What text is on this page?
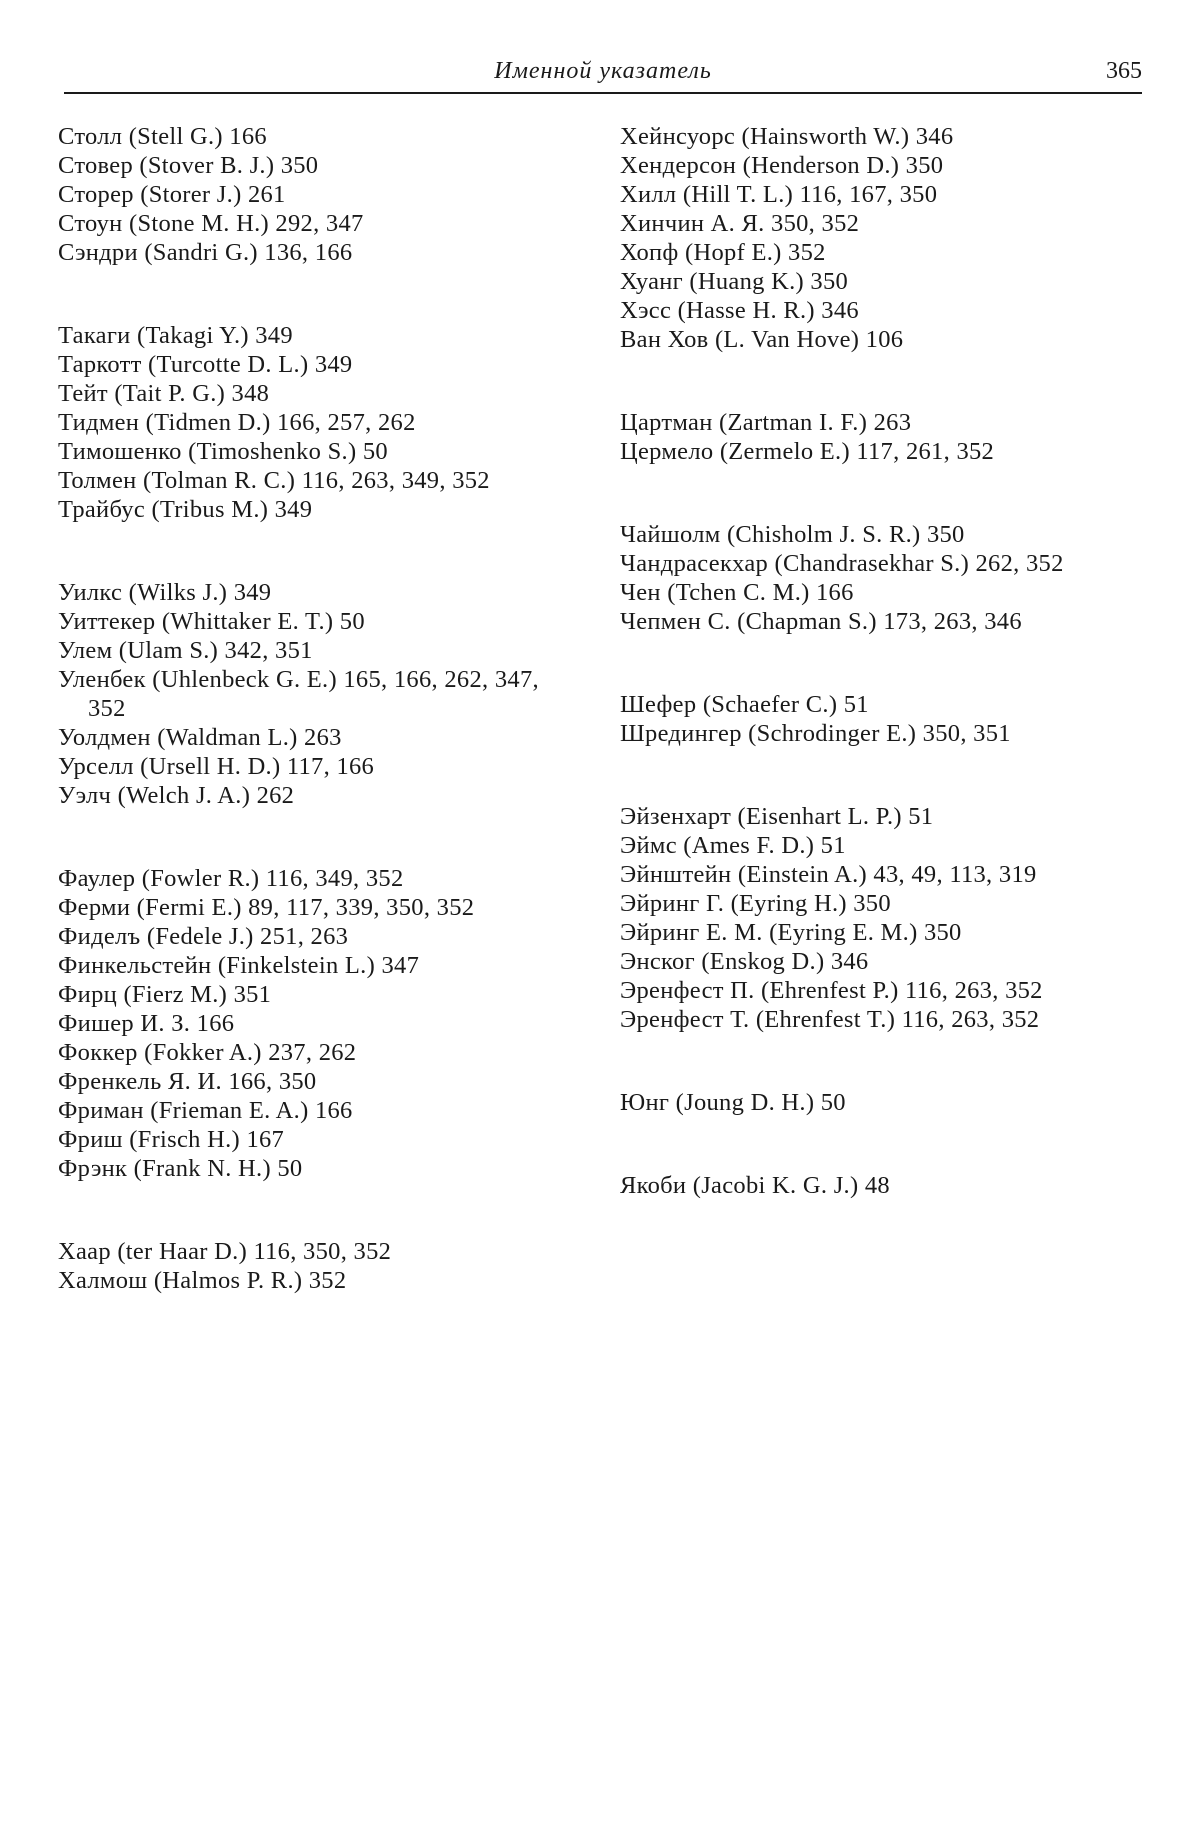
Именной указатель	365
Столл (Stell G.) 166
Стовер (Stover B. J.) 350
Сторер (Storer J.) 261
Стоун (Stone M. H.) 292, 347
Сэндри (Sandri G.) 136, 166
Такаги (Takagi Y.) 349
Таркотт (Turcotte D. L.) 349
Тейт (Tait P. G.) 348
Тидмен (Tidmen D.) 166, 257, 262
Тимошенко (Timoshenko S.) 50
Толмен (Tolman R. C.) 116, 263, 349, 352
Трайбус (Tribus M.) 349
Уилкс (Wilks J.) 349
Уиттекер (Whittaker E. T.) 50
Улем (Ulam S.) 342, 351
Уленбек (Uhlenbeck G. E.) 165, 166, 262, 347, 352
Уолдмен (Waldman L.) 263
Урселл (Ursell H. D.) 117, 166
Уэлч (Welch J. A.) 262
Фаулер (Fowler R.) 116, 349, 352
Ферми (Fermi E.) 89, 117, 339, 350, 352
Фиделъ (Fedele J.) 251, 263
Финкельстейн (Finkelstein L.) 347
Фирц (Fierz M.) 351
Фишер И. З. 166
Фоккер (Fokker A.) 237, 262
Френкель Я. И. 166, 350
Фриман (Frieman E. A.) 166
Фриш (Frisch H.) 167
Фрэнк (Frank N. H.) 50
Хаар (ter Haar D.) 116, 350, 352
Халмош (Halmos P. R.) 352
Хейнсуорс (Hainsworth W.) 346
Хендерсон (Henderson D.) 350
Хилл (Hill T. L.) 116, 167, 350
Хинчин А. Я. 350, 352
Хопф (Hopf E.) 352
Хуанг (Huang K.) 350
Хэсс (Hasse H. R.) 346
Ван Хов (L. Van Hove) 106
Цартман (Zartman I. F.) 263
Цермело (Zermelo E.) 117, 261, 352
Чайшолм (Chisholm J. S. R.) 350
Чандрасекхар (Chandrasekhar S.) 262, 352
Чен (Tchen C. M.) 166
Чепмен С. (Chapman S.) 173, 263, 346
Шефер (Schaefer C.) 51
Шредингер (Schrodinger E.) 350, 351
Эйзенхарт (Eisenhart L. P.) 51
Эймс (Ames F. D.) 51
Эйнштейн (Einstein A.) 43, 49, 113, 319
Эйринг Г. (Eyring H.) 350
Эйринг Е. М. (Eyring E. M.) 350
Энског (Enskog D.) 346
Эренфест П. (Ehrenfest P.) 116, 263, 352
Эренфест Т. (Ehrenfest T.) 116, 263, 352
Юнг (Joung D. H.) 50
Якоби (Jacobi K. G. J.) 48
